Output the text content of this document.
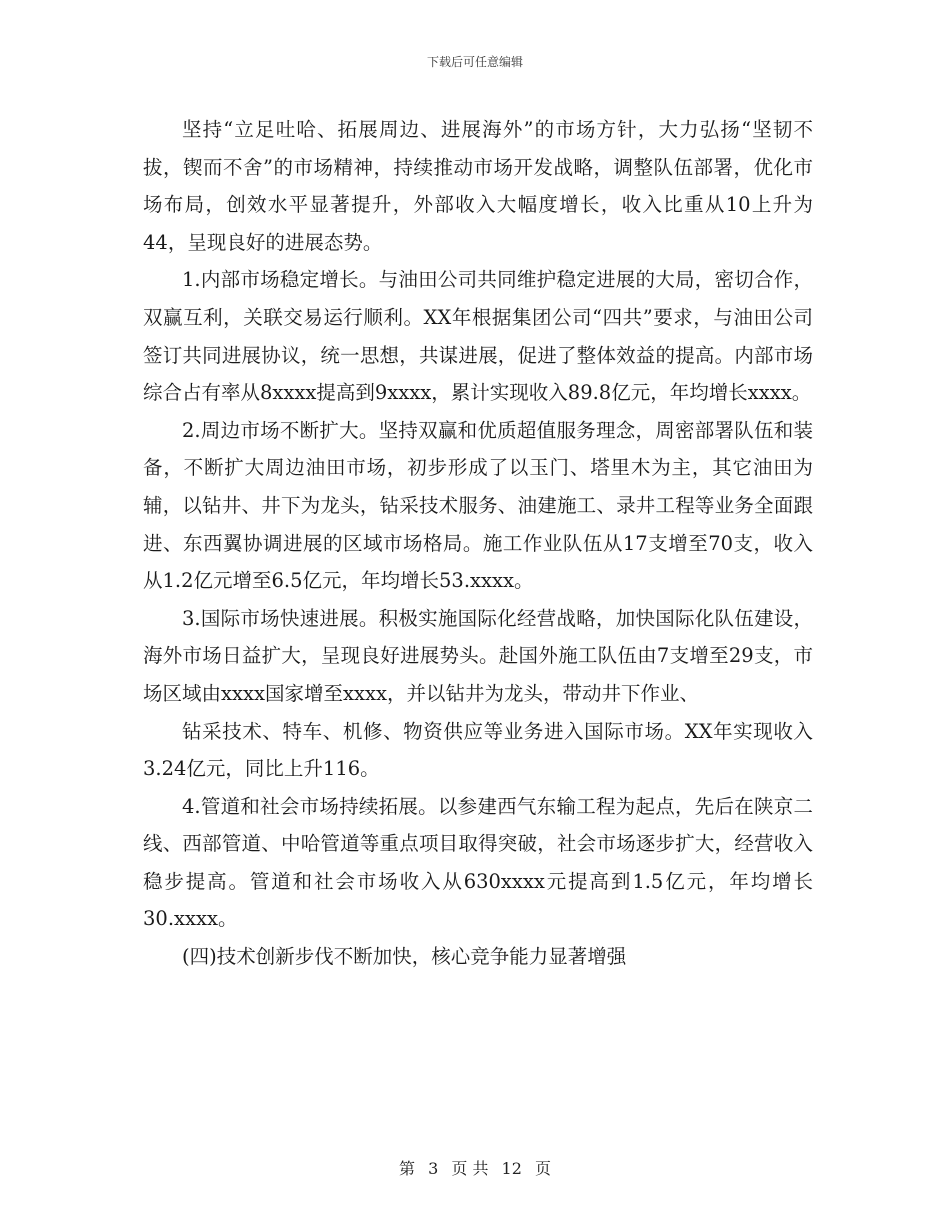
下载后可任意编辑

坚持“立足吐哈、拓展周边、进展海外”的市场方针，大力弘扬“坚韧不拔，锲而不舍”的市场精神，持续推动市场开发战略，调整队伍部署，优化市场布局，创效水平显著提升，外部收入大幅度增长，收入比重从10上升为44，呈现良好的进展态势。

1.内部市场稳定增长。与油田公司共同维护稳定进展的大局，密切合作，双赢互利，关联交易运行顺利。XX年根据集团公司“四共”要求，与油田公司签订共同进展协议，统一思想，共谋进展，促进了整体效益的提高。内部市场综合占有率从8xxxx提高到9xxxx，累计实现收入89.8亿元，年均增长xxxx。

2.周边市场不断扩大。坚持双赢和优质超值服务理念，周密部署队伍和装备，不断扩大周边油田市场，初步形成了以玉门、塔里木为主，其它油田为辅，以钻井、井下为龙头，钻采技术服务、油建施工、录井工程等业务全面跟进、东西翼协调进展的区域市场格局。施工作业队伍从17支增至70支，收入从1.2亿元增至6.5亿元，年均增长53.xxxx。

3.国际市场快速进展。积极实施国际化经营战略，加快国际化队伍建设，海外市场日益扩大，呈现良好进展势头。赴国外施工队伍由7支增至29支，市场区域由xxxx国家增至xxxx，并以钻井为龙头，带动井下作业、

钻采技术、特车、机修、物资供应等业务进入国际市场。XX年实现收入3.24亿元，同比上升116。

4.管道和社会市场持续拓展。以参建西气东输工程为起点，先后在陕京二线、西部管道、中哈管道等重点项目取得突破，社会市场逐步扩大，经营收入稳步提高。管道和社会市场收入从630xxxx元提高到1.5亿元，年均增长30.xxxx。

(四)技术创新步伐不断加快，核心竞争能力显著增强

第 3 页 共 12 页
